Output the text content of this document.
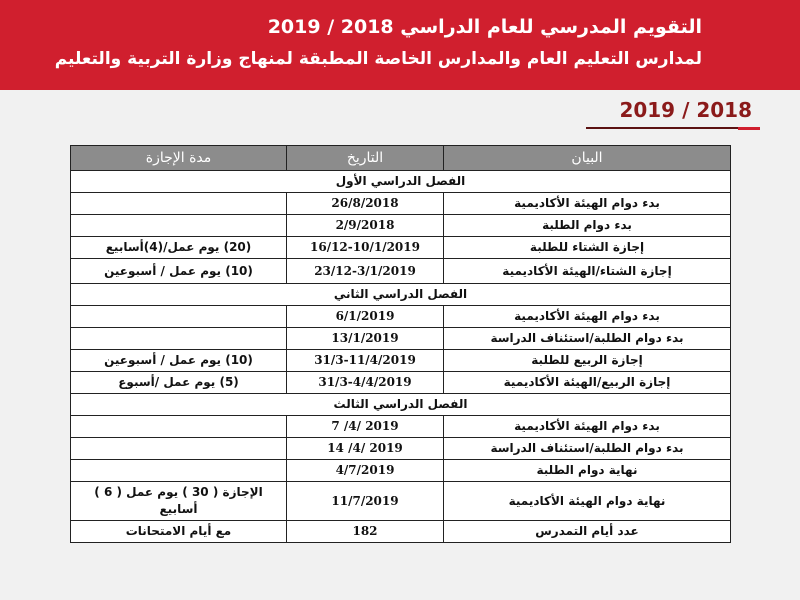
التقويم المدرسي للعام الدراسي 2018 / 2019
لمدارس التعليم العام والمدارس الخاصة المطبقة لمنهاج وزارة التربية والتعليم
2019 / 2018
البيان	التاريخ	مدة الإجازة
الفصل الدراسي الأول		
بدء دوام الهيئة الأكاديمية	26/8/2018	
بدء دوام الطلبة	2/9/2018	
إجازة الشتاء للطلبة	16/12-10/1/2019	(20) يوم عمل/(4)أسابيع
إجازة الشتاء/الهيئة الأكاديمية	23/12-3/1/2019	(10) يوم عمل / أسبوعين
الفصل الدراسي الثاني		
بدء دوام الهيئة الأكاديمية	6/1/2019	
بدء دوام الطلبة/استئناف الدراسة	13/1/2019	
إجازة الربيع للطلبة	31/3-11/4/2019	(10) يوم عمل / أسبوعين
إجازة الربيع/الهيئة الأكاديمية	31/3-4/4/2019	(5) يوم عمل /أسبوع
الفصل الدراسي الثالث		
بدء دوام الهيئة الأكاديمية	7 /4/ 2019	
بدء دوام الطلبة/استئناف الدراسة	14 /4/ 2019	
نهاية دوام الطلبة	4/7/2019	
نهاية دوام الهيئة الأكاديمية	11/7/2019	الإجازة ( 30 ) يوم عمل ( 6 ) أسابيع
عدد أيام التمدرس	182	مع أيام الامتحانات
